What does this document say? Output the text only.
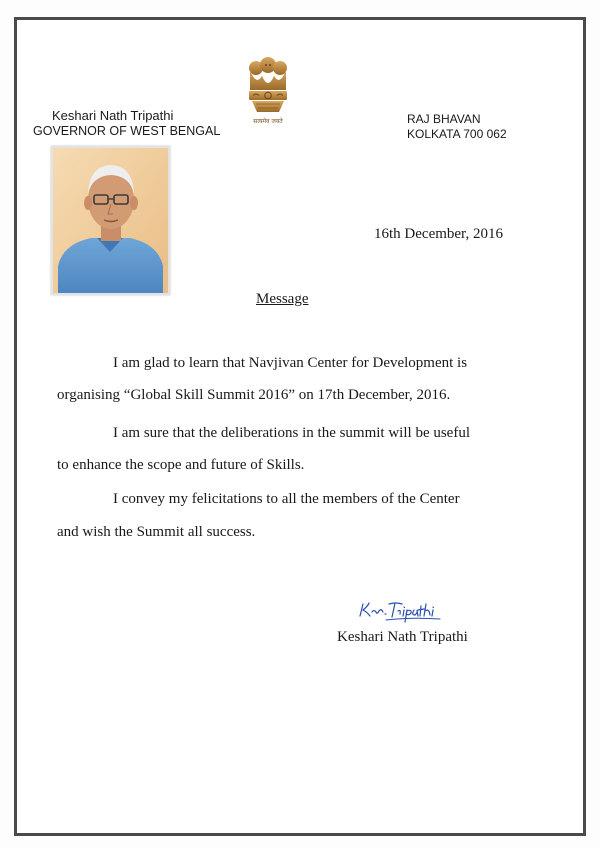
सत्यमेव जयते
Keshari Nath Tripathi
GOVERNOR OF WEST BENGAL
RAJ BHAVAN
KOLKATA 700 062
16th December, 2016
Message
I am glad to learn that Navjivan Center for Development is
organising “Global Skill Summit 2016” on 17th December, 2016.
I am sure that the deliberations in the summit will be useful
to enhance the scope and future of Skills.
I convey my felicitations to all the members of the Center
and wish the Summit all success.
Keshari Nath Tripathi
